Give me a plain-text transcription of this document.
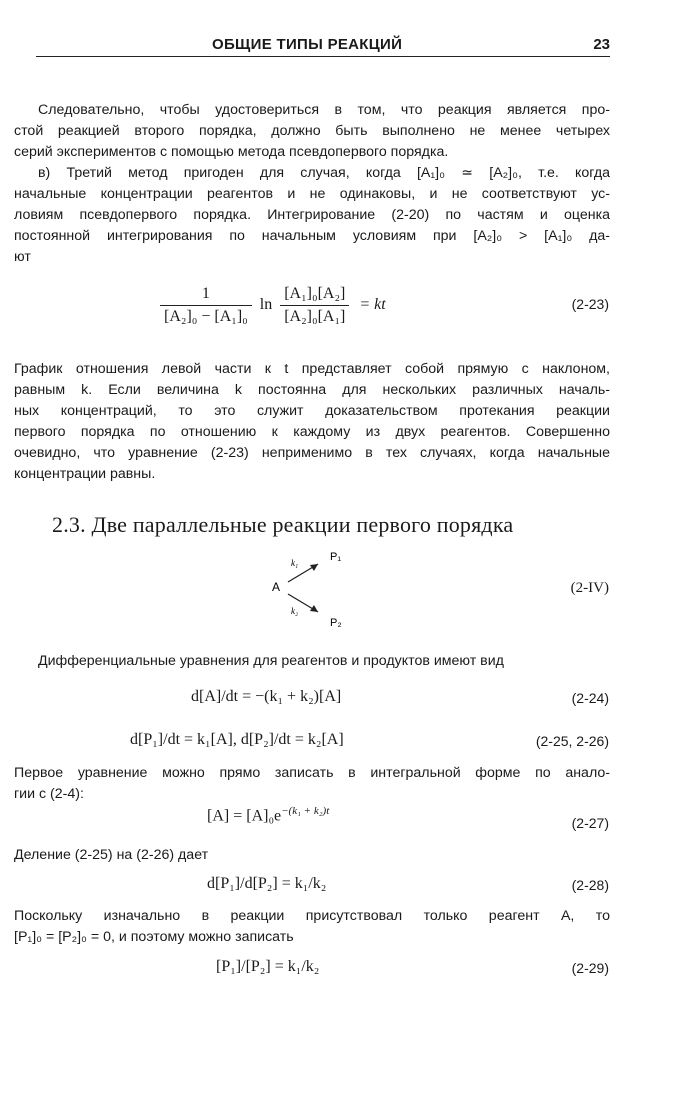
ОБЩИЕ ТИПЫ РЕАКЦИЙ	23
Следовательно, чтобы удостовериться в том, что реакция является про-
стой реакцией второго порядка, должно быть выполнено не менее четырех
серий экспериментов с помощью метода псевдопервого порядка.
в) Третий метод пригоден для случая, когда [A₁]₀ ≃ [A₂]₀, т.е. когда
начальные концентрации реагентов и не одинаковы, и не соответствуют ус-
ловиям псевдопервого порядка. Интегрирование (2-20) по частям и оценка
постоянной интегрирования по начальным условиям при [A₂]₀ > [A₁]₀ да-
ют
$\frac{1}{\text{[A₂]₀ − [A₁]₀}}$ $\ln \frac{\text{[A₁]₀[A₂]}}{\text{[A₂]₀[A₁]}}$ = kt	(2-23)
График отношения левой части к t представляет собой прямую с наклоном,
равным k. Если величина k постоянна для нескольких различных началь-
ных концентраций, то это служит доказательством протекания реакции
первого порядка по отношению к каждому из двух реагентов. Совершенно
очевидно, что уравнение (2-23) неприменимо в тех случаях, когда начальные
концентрации равны.
2.3. Две параллельные реакции первого порядка
A
k₁
k₂
P₁
P₂
(2-IV)
Дифференциальные уравнения для реагентов и продуктов имеют вид
d[A]/dt = −(k₁ + k₂)[A]	(2-24)
d[P₁]/dt = k₁[A], d[P₂]/dt = k₂[A]	(2-25, 2-26)
Первое уравнение можно прямо записать в интегральной форме по анало-
гии с (2-4):
$[A] = [A]_0e^{-(k_1 + k_2)t}$
(2-27)
Деление (2-25) на (2-26) дает
d[P₁]/d[P₂] = k₁/k₂	(2-28)
Поскольку изначально в реакции присутствовал только реагент A, то
[P₁]₀ = [P₂]₀ = 0, и поэтому можно записать
[P₁]/[P₂] = k₁/k₂	(2-29)
